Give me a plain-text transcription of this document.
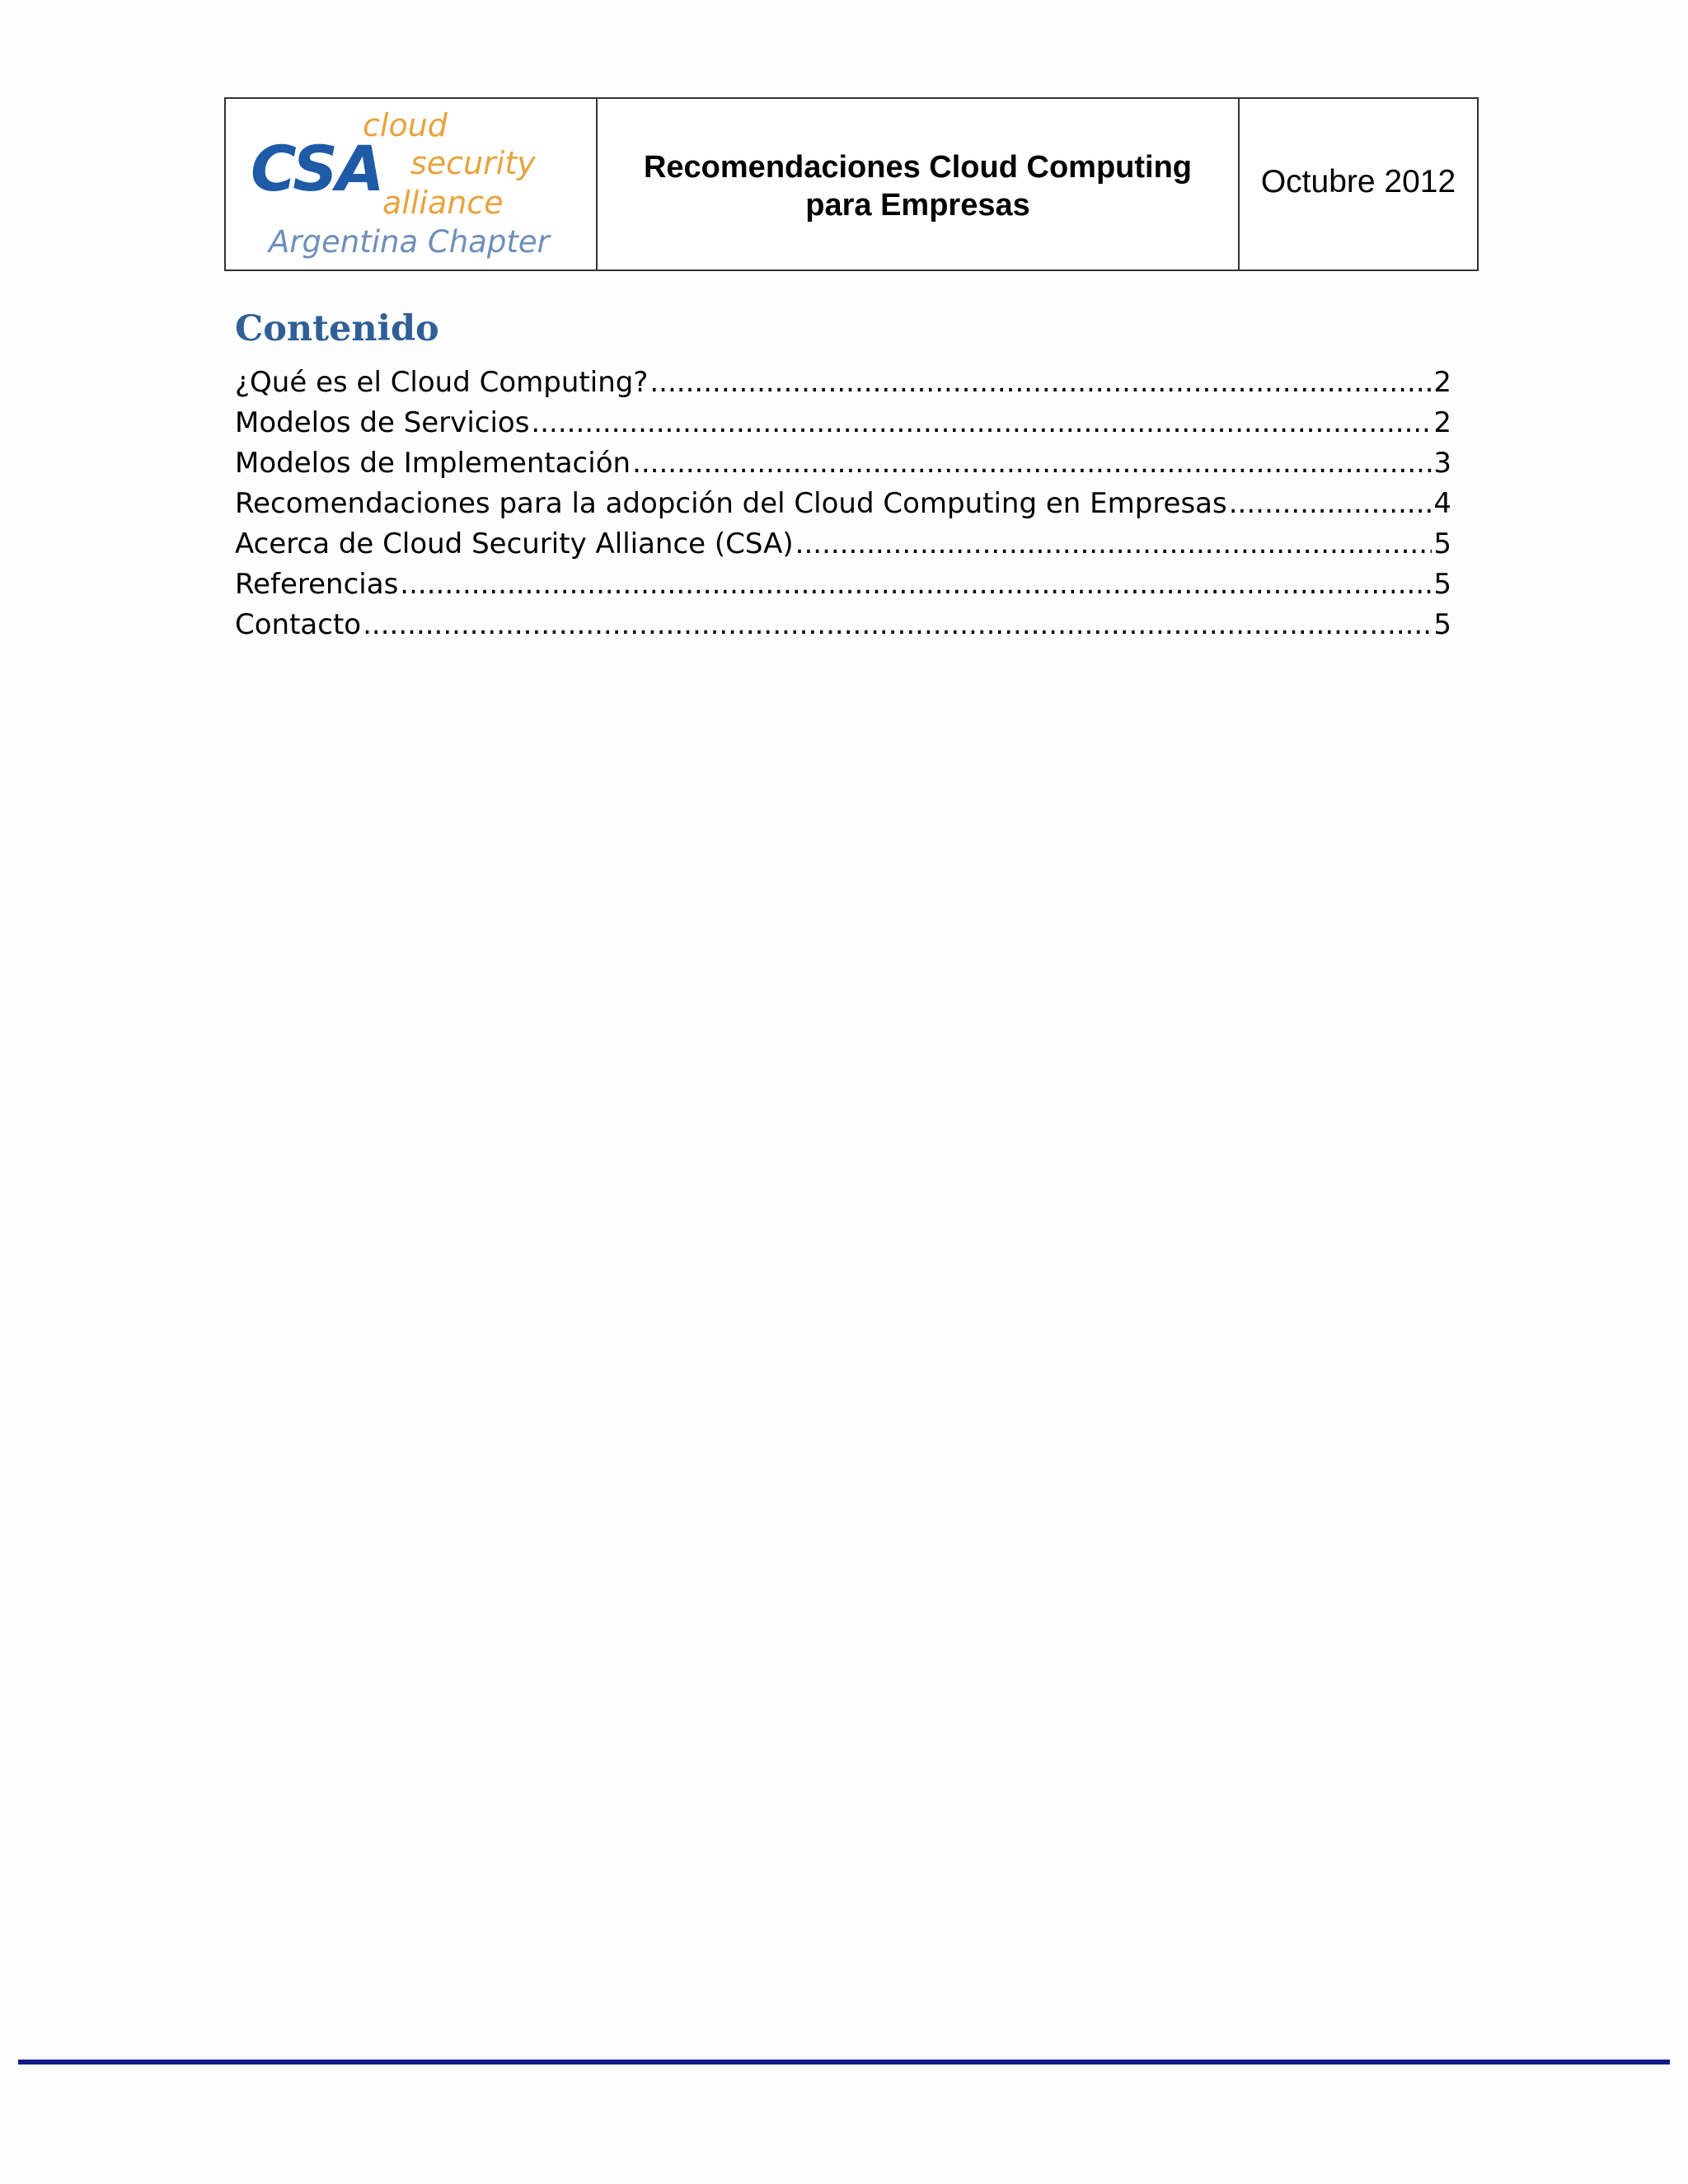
cloud
CSA security
alliance
Argentina Chapter
Recomendaciones Cloud Computing
para Empresas
Octubre 2012
Contenido
¿Qué es el Cloud Computing? .....	2
Modelos de Servicios .....	2
Modelos de Implementación .....	3
Recomendaciones para la adopción del Cloud Computing en Empresas .....	4
Acerca de Cloud Security Alliance (CSA) .....	5
Referencias .....	5
Contacto .....	5
